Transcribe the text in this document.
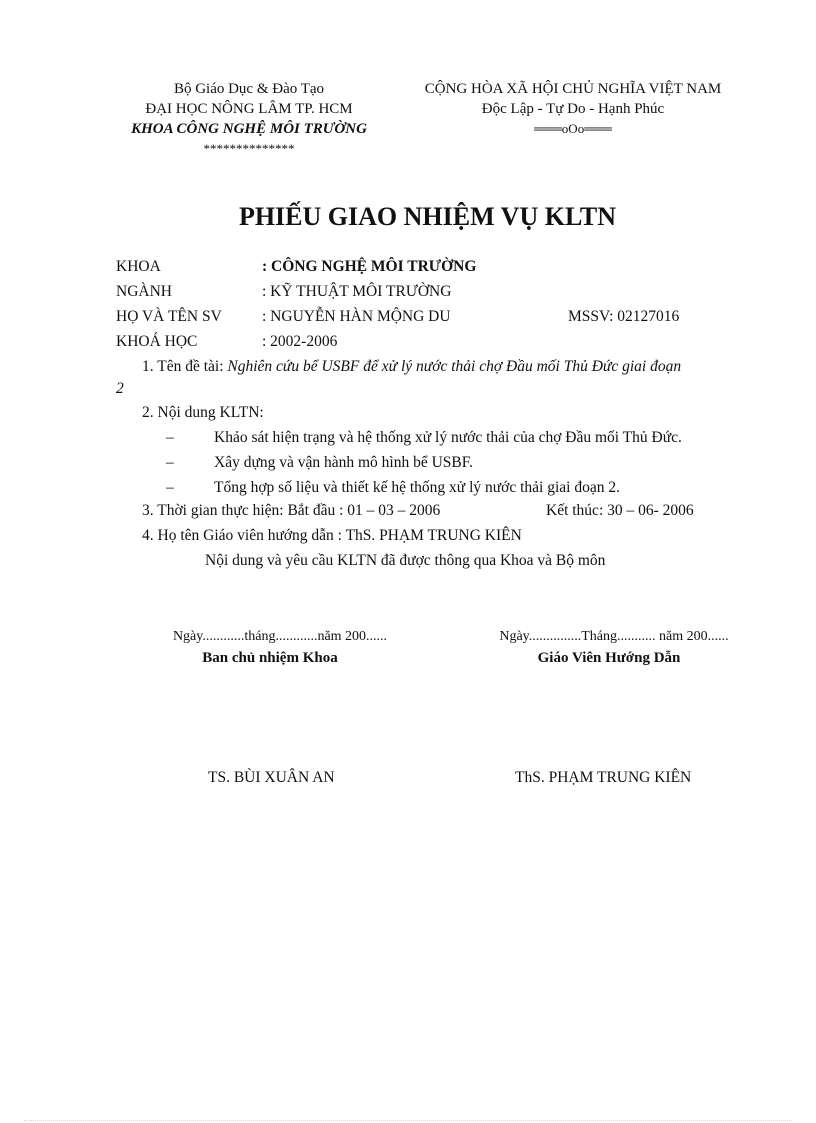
Bộ Giáo Dục & Đào Tạo
ĐẠI HỌC NÔNG LÂM TP. HCM
KHOA CÔNG NGHỆ MÔI TRƯỜNG
**************
CỘNG HÒA XÃ HỘI CHỦ NGHĨA VIỆT NAM
Độc Lập - Tự Do - Hạnh Phúc
═══oOo═══
PHIẾU GIAO NHIỆM VỤ KLTN
KHOA	: CÔNG NGHỆ MÔI TRƯỜNG
NGÀNH	: KỸ THUẬT MÔI TRƯỜNG
HỌ VÀ TÊN SV	: NGUYỄN HÀN MỘNG DU	MSSV: 02127016
KHOÁ HỌC	: 2002-2006
1. Tên đề tài: Nghiên cứu bể USBF để xử lý nước thải chợ Đầu mối Thủ Đức giai đoạn
2
2. Nội dung KLTN:
–	Khảo sát hiện trạng và hệ thống xử lý nước thải của chợ Đầu mối Thủ Đức.
–	Xây dựng và vận hành mô hình bể USBF.
–	Tổng hợp số liệu và thiết kế hệ thống xử lý nước thải giai đoạn 2.
3. Thời gian thực hiện: Bắt đầu : 01 – 03 – 2006	Kết thúc: 30 – 06- 2006
4. Họ tên Giáo viên hướng dẫn : ThS. PHẠM TRUNG KIÊN
Nội dung và yêu cầu KLTN đã được thông qua Khoa và Bộ môn
Ngày............tháng............năm 200......
Ban chủ nhiệm Khoa
TS. BÙI XUÂN AN
Ngày...............Tháng........... năm 200......
Giáo Viên Hướng Dẫn
ThS. PHẠM TRUNG KIÊN
